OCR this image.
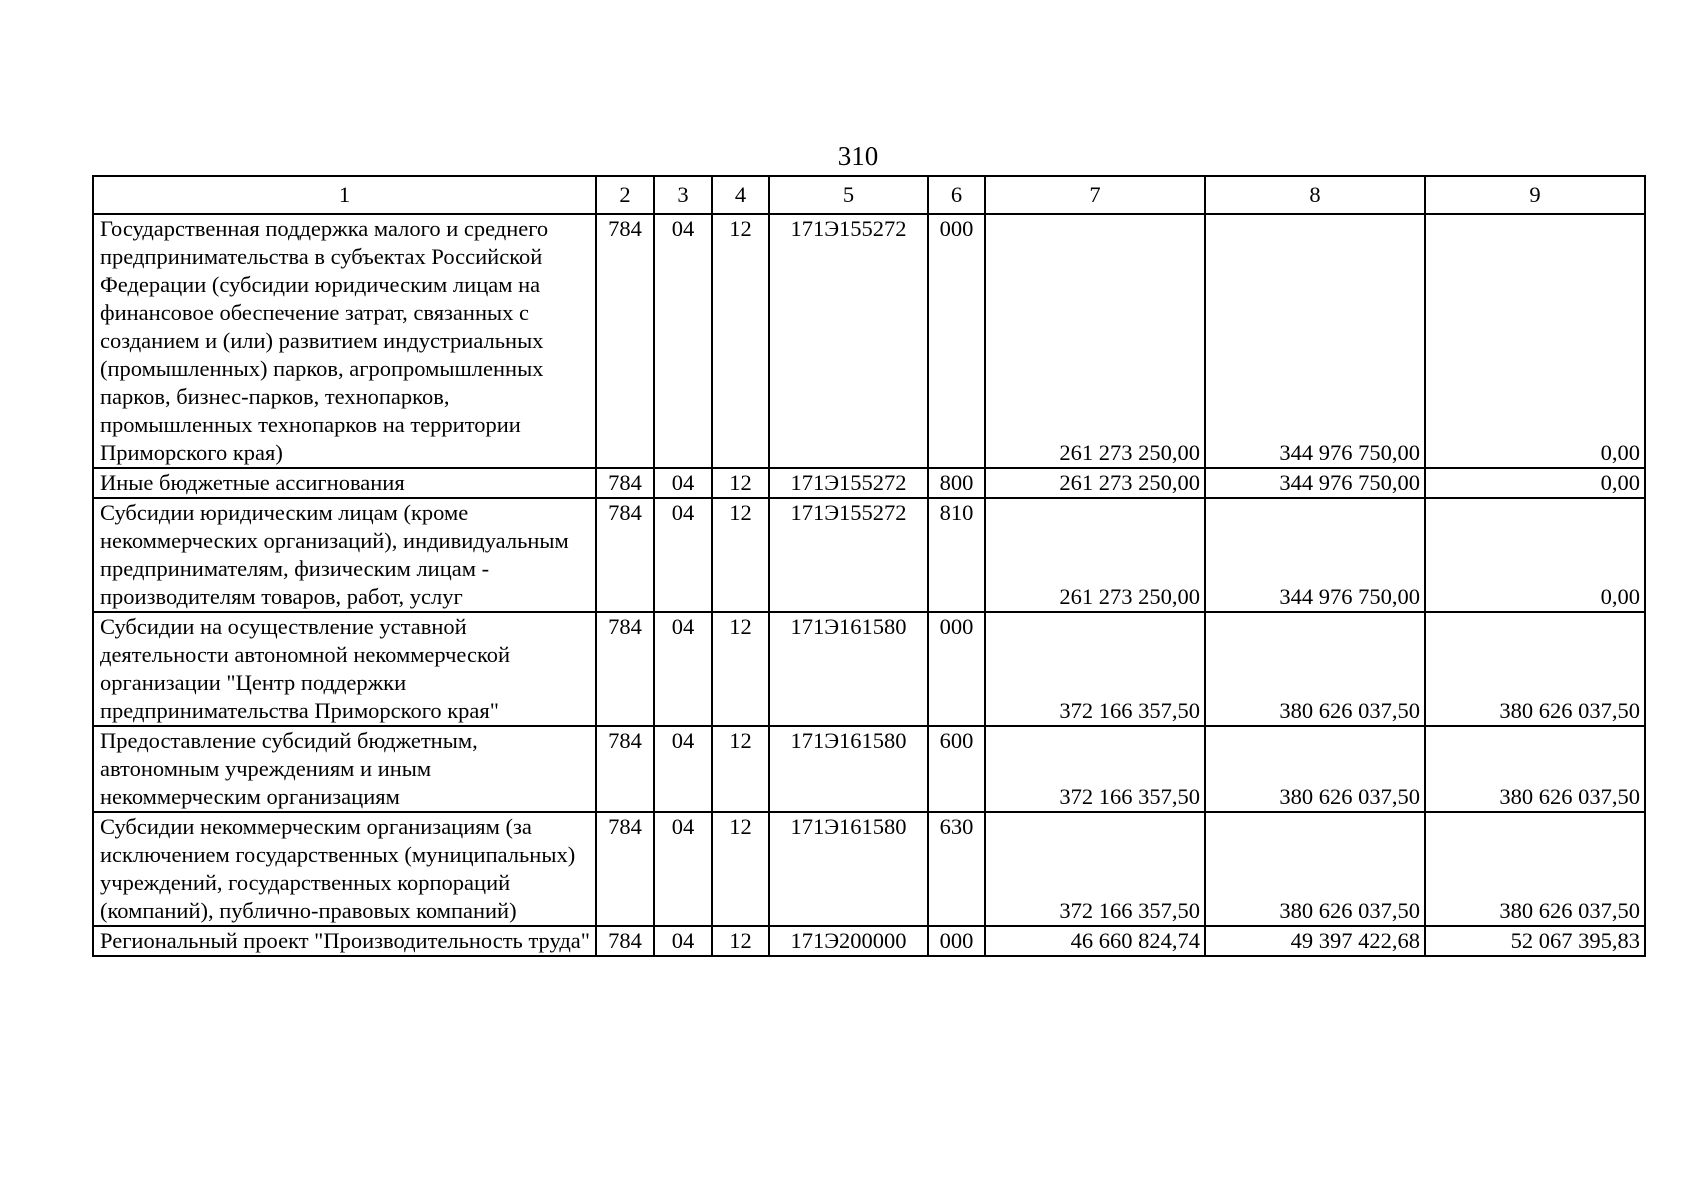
310
1	2	3	4	5	6	7	8	9
Государственная поддержка малого и среднего предпринимательства в субъектах Российской Федерации (субсидии юридическим лицам на финансовое обеспечение затрат, связанных с созданием и (или) развитием индустриальных (промышленных) парков, агропромышленных парков, бизнес-парков, технопарков, промышленных технопарков на территории Приморского края)	784	04	12	171Э155272	000	261 273 250,00	344 976 750,00	0,00
Иные бюджетные ассигнования	784	04	12	171Э155272	800	261 273 250,00	344 976 750,00	0,00
Субсидии юридическим лицам (кроме некоммерческих организаций), индивидуальным предпринимателям, физическим лицам - производителям товаров, работ, услуг	784	04	12	171Э155272	810	261 273 250,00	344 976 750,00	0,00
Субсидии на осуществление уставной деятельности автономной некоммерческой организации "Центр поддержки предпринимательства Приморского края"	784	04	12	171Э161580	000	372 166 357,50	380 626 037,50	380 626 037,50
Предоставление субсидий бюджетным, автономным учреждениям и иным некоммерческим организациям	784	04	12	171Э161580	600	372 166 357,50	380 626 037,50	380 626 037,50
Субсидии некоммерческим организациям (за исключением государственных (муниципальных) учреждений, государственных корпораций (компаний), публично-правовых компаний)	784	04	12	171Э161580	630	372 166 357,50	380 626 037,50	380 626 037,50
Региональный проект "Производительность труда"	784	04	12	171Э200000	000	46 660 824,74	49 397 422,68	52 067 395,83
